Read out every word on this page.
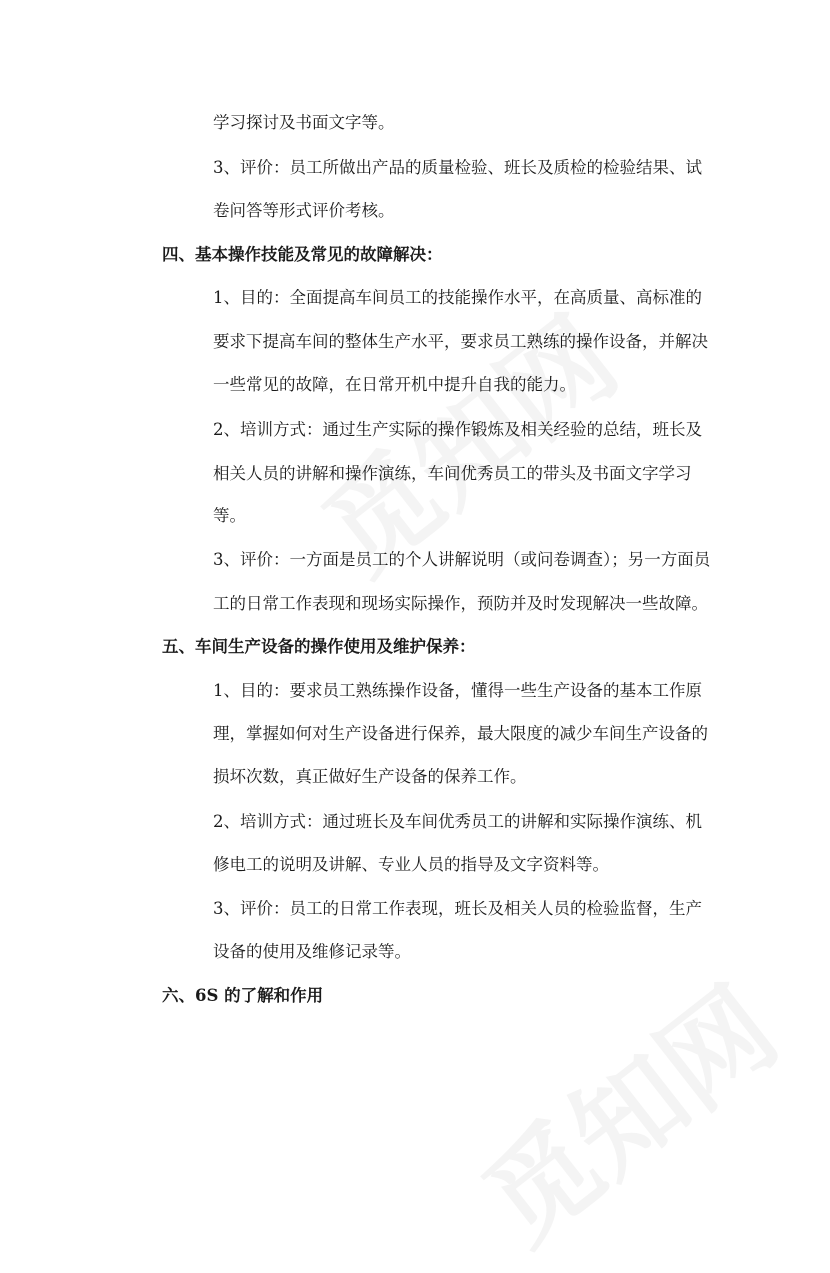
学习探讨及书面文字等。
3、评价：员工所做出产品的质量检验、班长及质检的检验结果、试
卷问答等形式评价考核。
四、基本操作技能及常见的故障解决：
1、目的：全面提高车间员工的技能操作水平，在高质量、高标准的
要求下提高车间的整体生产水平，要求员工熟练的操作设备，并解决
一些常见的故障，在日常开机中提升自我的能力。
2、培训方式：通过生产实际的操作锻炼及相关经验的总结，班长及
相关人员的讲解和操作演练，车间优秀员工的带头及书面文字学习
等。
3、评价：一方面是员工的个人讲解说明（或问卷调查）；另一方面员
工的日常工作表现和现场实际操作，预防并及时发现解决一些故障。
五、车间生产设备的操作使用及维护保养：
1、目的：要求员工熟练操作设备，懂得一些生产设备的基本工作原
理，掌握如何对生产设备进行保养，最大限度的减少车间生产设备的
损坏次数，真正做好生产设备的保养工作。
2、培训方式：通过班长及车间优秀员工的讲解和实际操作演练、机
修电工的说明及讲解、专业人员的指导及文字资料等。
3、评价：员工的日常工作表现，班长及相关人员的检验监督，生产
设备的使用及维修记录等。
六、6S 的了解和作用
